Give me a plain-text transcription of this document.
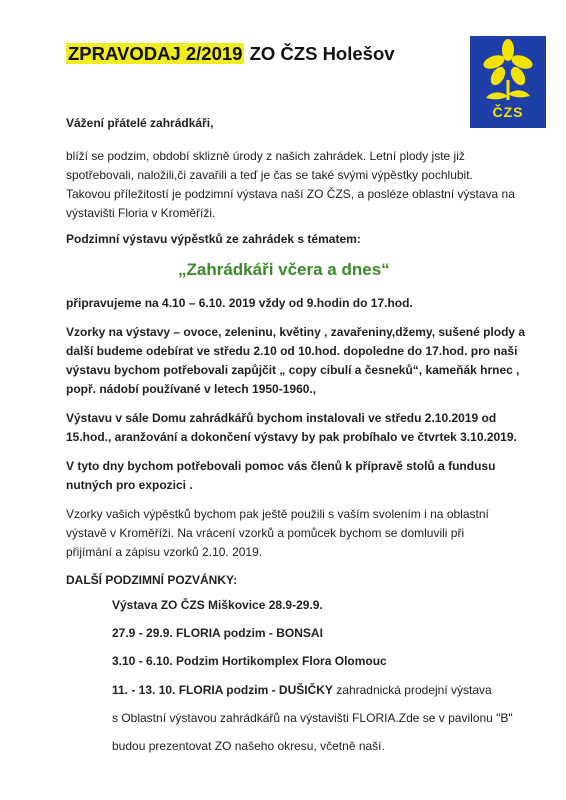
ZPRAVODAJ 2/2019 ZO ČZS Holešov
ČZS
Vážení přátelé zahrádkáři,
blíží se podzim, období sklizně úrody z našich zahrádek. Letní plody jste již
spotřebovali, naložili,či zavařili a teď je čas se také svými výpěstky pochlubit.
Takovou příležitostí je podzimní výstava naší ZO ČZS, a posléze oblastní výstava na
výstavišti Floria v Kroměříži.
Podzimní výstavu výpěstků ze zahrádek s tématem:
„Zahrádkáři včera a dnes“
připravujeme na 4.10 – 6.10. 2019 vždy od 9.hodin do 17.hod.
Vzorky na výstavy – ovoce, zeleninu, květiny , zavařeniny,džemy, sušené plody a
další budeme odebírat ve středu 2.10 od 10.hod. dopoledne do 17.hod. pro naši
výstavu bychom potřebovali zapůjčit „ copy cibulí a česneků“, kameňák hrnec ,
popř. nádobí používané v letech 1950-1960.,
Výstavu v sále Domu zahrádkářů bychom instalovali ve středu 2.10.2019 od
15.hod., aranžování a dokončení výstavy by pak probíhalo ve čtvrtek 3.10.2019.
V tyto dny bychom potřebovali pomoc vás členů k přípravě stolů a fundusu
nutných pro expozici .
Vzorky vašich výpěstků bychom pak ještě použili s vaším svolením i na oblastní
výstavě v Kroměříži. Na vrácení vzorků a pomůcek bychom se domluvili při
přijímání a zápisu vzorků 2.10. 2019.
DALŠÍ PODZIMNÍ POZVÁNKY:
Výstava ZO ČZS Miškovice 28.9-29.9.
27.9 - 29.9. FLORIA podzim - BONSAI
3.10 - 6.10. Podzim Hortikomplex Flora Olomouc
11. - 13. 10. FLORIA podzim - DUŠIČKY zahradnická prodejní výstava
s Oblastní výstavou zahrádkářů na výstavišti FLORIA.Zde se v pavilonu "B"
budou prezentovat ZO našeho okresu, včetně naší.
